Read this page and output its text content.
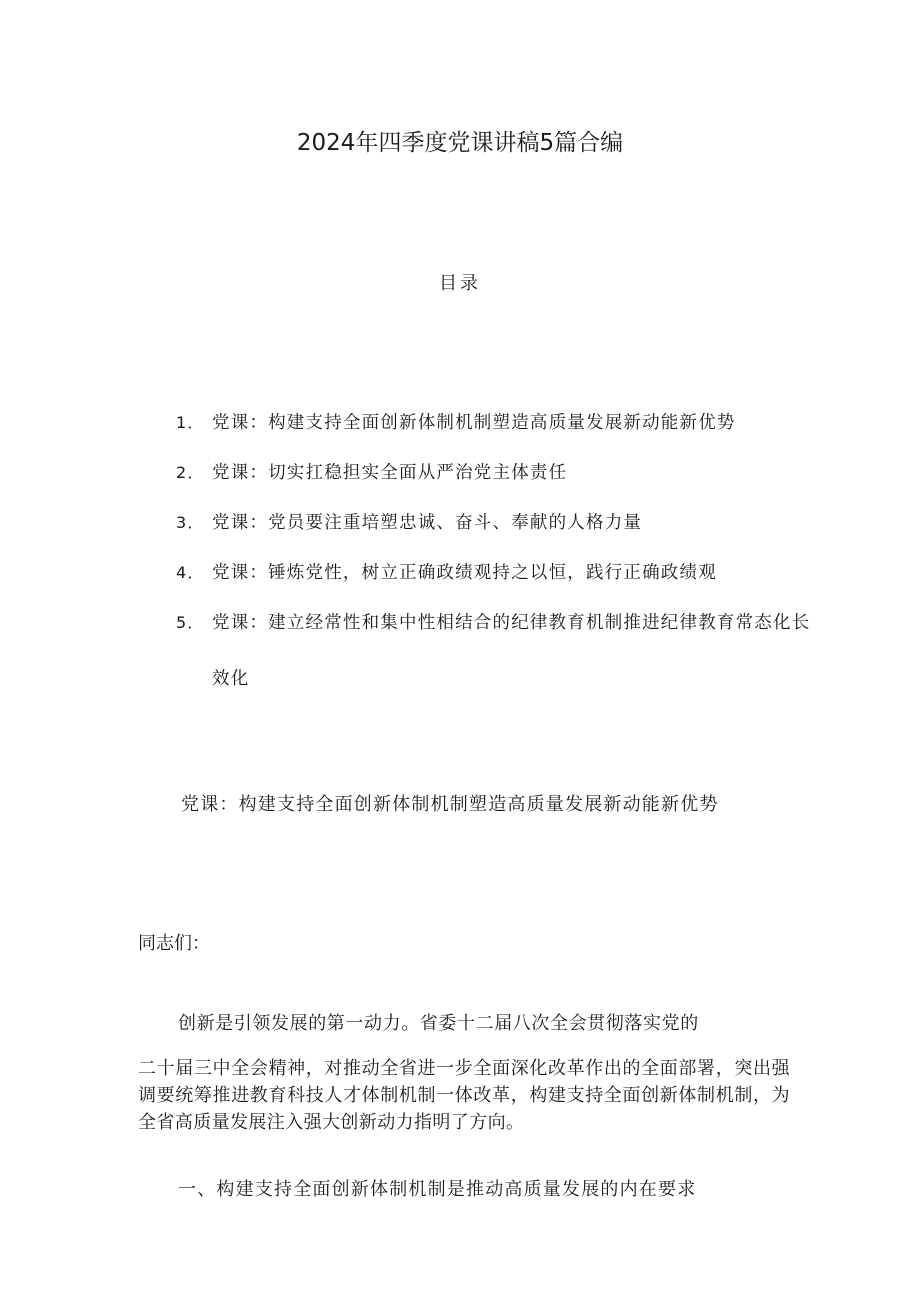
2024年四季度党课讲稿5篇合编
目录
1． 党课：构建支持全面创新体制机制塑造高质量发展新动能新优势
2． 党课：切实扛稳担实全面从严治党主体责任
3． 党课：党员要注重培塑忠诚、奋斗、奉献的人格力量
4． 党课：锤炼党性，树立正确政绩观持之以恒，践行正确政绩观
5． 党课：建立经常性和集中性相结合的纪律教育机制推进纪律教育常态化长效化
党课：构建支持全面创新体制机制塑造高质量发展新动能新优势
同志们：

创新是引领发展的第一动力。省委十二届八次全会贯彻落实党的

二十届三中全会精神，对推动全省进一步全面深化改革作出的全面部署，突出强调要统筹推进教育科技人才体制机制一体改革，构建支持全面创新体制机制，为全省高质量发展注入强大创新动力指明了方向。

一、构建支持全面创新体制机制是推动高质量发展的内在要求
